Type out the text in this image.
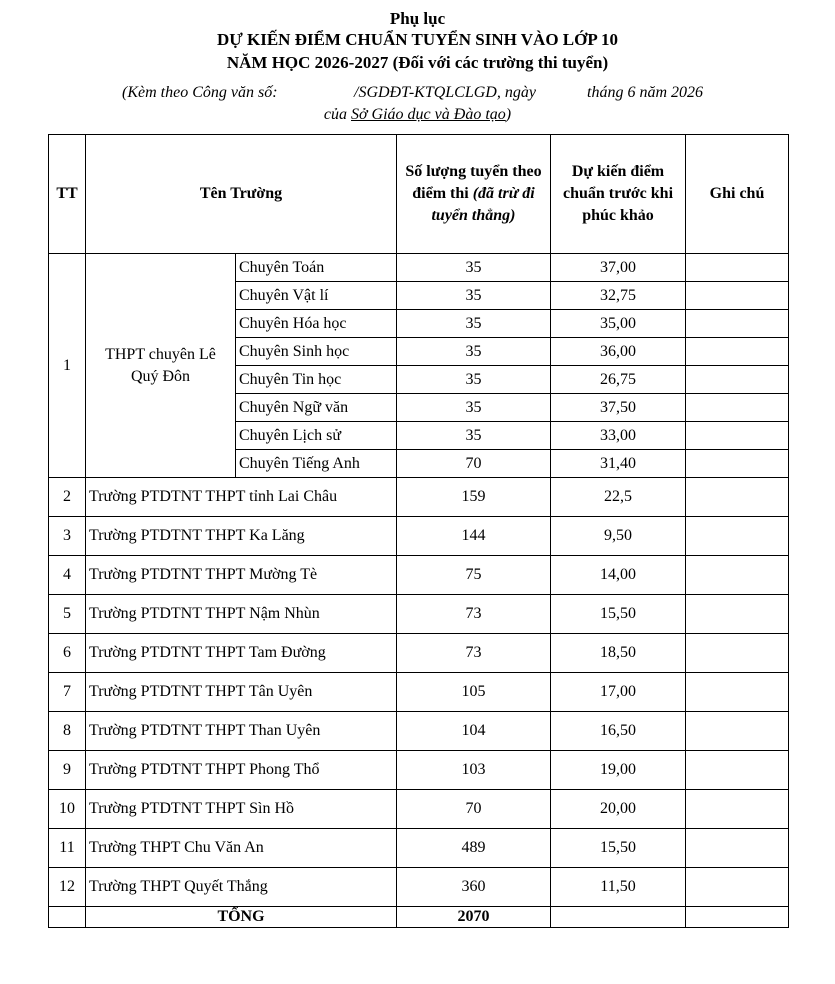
Phụ lục
DỰ KIẾN ĐIỂM CHUẨN TUYỂN SINH VÀO LỚP 10
NĂM HỌC 2026-2027 (Đối với các trường thi tuyển)
(Kèm theo Công văn số:	/SGDĐT-KTQLCLGD, ngày	tháng 6 năm 2026
của Sở Giáo dục và Đào tạo)
TT	Tên Trường		Số lượng tuyển theo điểm thi (đã trừ đi tuyển thẳng)	Dự kiến điểm chuẩn trước khi phúc khảo	Ghi chú
1	THPT chuyên Lê Quý Đôn	Chuyên Toán	35	37,00	
		Chuyên Vật lí	35	32,75	
		Chuyên Hóa học	35	35,00	
		Chuyên Sinh học	35	36,00	
		Chuyên Tin học	35	26,75	
		Chuyên Ngữ văn	35	37,50	
		Chuyên Lịch sử	35	33,00	
		Chuyên Tiếng Anh	70	31,40	
2	Trường PTDTNT THPT tỉnh Lai Châu		159	22,5	
3	Trường PTDTNT THPT Ka Lăng		144	9,50	
4	Trường PTDTNT THPT Mường Tè		75	14,00	
5	Trường PTDTNT THPT Nậm Nhùn		73	15,50	
6	Trường PTDTNT THPT Tam Đường		73	18,50	
7	Trường PTDTNT THPT Tân Uyên		105	17,00	
8	Trường PTDTNT THPT Than Uyên		104	16,50	
9	Trường PTDTNT THPT Phong Thổ		103	19,00	
10	Trường PTDTNT THPT Sìn Hồ		70	20,00	
11	Trường THPT Chu Văn An		489	15,50	
12	Trường THPT Quyết Thắng		360	11,50	
	TỔNG		2070		
